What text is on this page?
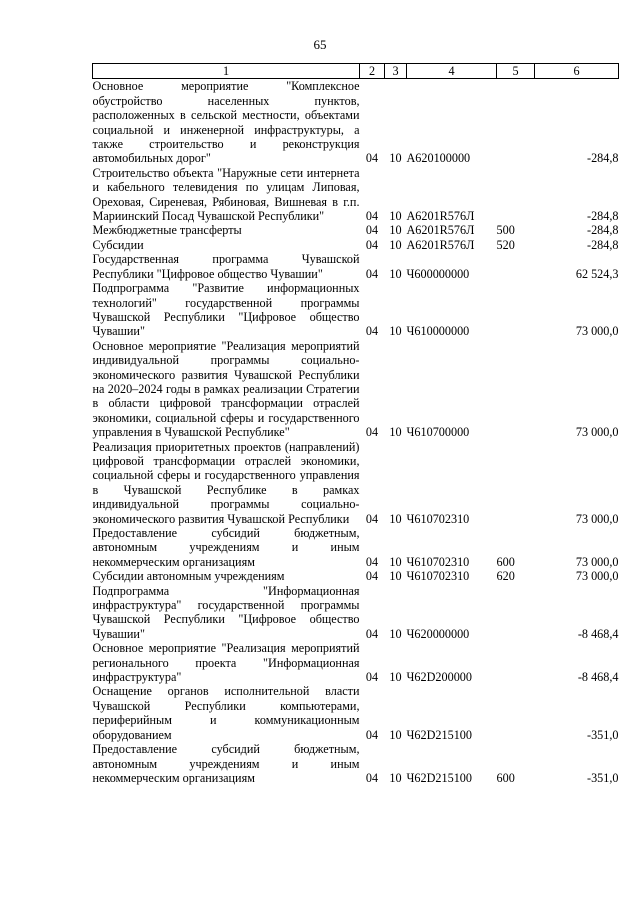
65
1	2	3	4	5	6
Основное мероприятие "Комплексное обустройство населенных пунктов, расположенных в сельской местности, объектами социальной и инженерной инфраструктуры, а также строительство и реконструкция автомобильных дорог"	04	10	А620100000		-284,8
Строительство объекта "Наружные сети интернета и кабельного телевидения по улицам Липовая, Ореховая, Сиреневая, Рябиновая, Вишневая в г.п. Мариинский Посад Чувашской Республики"	04	10	А6201R576Л		-284,8
Межбюджетные трансферты	04	10	А6201R576Л	500	-284,8
Субсидии	04	10	А6201R576Л	520	-284,8
Государственная программа Чувашской Республики "Цифровое общество Чувашии"	04	10	Ч600000000		62 524,3
Подпрограмма "Развитие информационных технологий" государственной программы Чувашской Республики "Цифровое общество Чувашии"	04	10	Ч610000000		73 000,0
Основное мероприятие "Реализация мероприятий индивидуальной программы социально-экономического развития Чувашской Республики на 2020–2024 годы в рамках реализации Стратегии в области цифровой трансформации отраслей экономики, социальной сферы и государственного управления в Чувашской Республике"	04	10	Ч610700000		73 000,0
Реализация приоритетных проектов (направлений) цифровой трансформации отраслей экономики, социальной сферы и государственного управления в Чувашской Республике в рамках индивидуальной программы социально-экономического развития Чувашской Республики	04	10	Ч610702310		73 000,0
Предоставление субсидий бюджетным, автономным учреждениям и иным некоммерческим организациям	04	10	Ч610702310	600	73 000,0
Субсидии автономным учреждениям	04	10	Ч610702310	620	73 000,0
Подпрограмма "Информационная инфраструктура" государственной программы Чувашской Республики "Цифровое общество Чувашии"	04	10	Ч620000000		-8 468,4
Основное мероприятие "Реализация мероприятий регионального проекта "Информационная инфраструктура"	04	10	Ч62D200000		-8 468,4
Оснащение органов исполнительной власти Чувашской Республики компьютерами, периферийным и коммуникационным оборудованием	04	10	Ч62D215100		-351,0
Предоставление субсидий бюджетным, автономным учреждениям и иным некоммерческим организациям	04	10	Ч62D215100	600	-351,0
